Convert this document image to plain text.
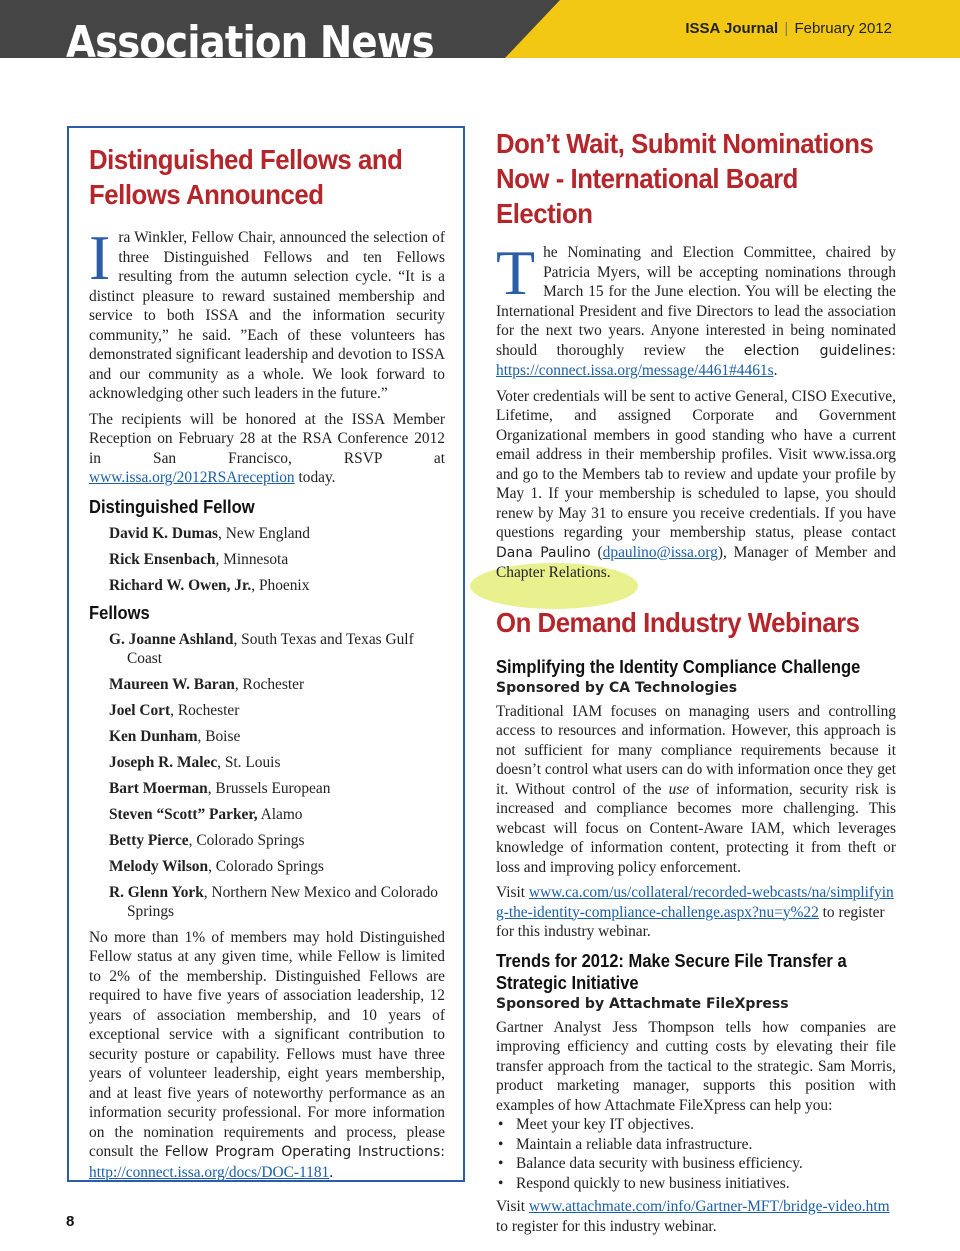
Association News	ISSA Journal | February 2012
Distinguished Fellows and Fellows Announced

Ira Winkler, Fellow Chair, announced the selection of three Distinguished Fellows and ten Fellows resulting from the autumn selection cycle. “It is a distinct pleasure to reward sustained membership and service to both ISSA and the information security community,” he said. ”Each of these volunteers has demonstrated significant leadership and devotion to ISSA and our community as a whole. We look forward to acknowledging other such leaders in the future.”

The recipients will be honored at the ISSA Member Reception on February 28 at the RSA Conference 2012 in San Francisco, RSVP at www.issa.org/2012RSAreception today.

Distinguished Fellow
David K. Dumas, New England
Rick Ensenbach, Minnesota
Richard W. Owen, Jr., Phoenix
Fellows
G. Joanne Ashland, South Texas and Texas Gulf Coast
Maureen W. Baran, Rochester
Joel Cort, Rochester
Ken Dunham, Boise
Joseph R. Malec, St. Louis
Bart Moerman, Brussels European
Steven “Scott” Parker, Alamo
Betty Pierce, Colorado Springs
Melody Wilson, Colorado Springs
R. Glenn York, Northern New Mexico and Colorado Springs

No more than 1% of members may hold Distinguished Fellow status at any given time, while Fellow is limited to 2% of the membership. Distinguished Fellows are required to have five years of association leadership, 12 years of association membership, and 10 years of exceptional service with a significant contribution to security posture or capability. Fellows must have three years of volunteer leadership, eight years membership, and at least five years of noteworthy performance as an information security professional. For more information on the nomination requirements and process, please consult the Fellow Program Operating Instructions: http://connect.issa.org/docs/DOC-1181.

Don’t Wait, Submit Nominations Now - International Board Election

The Nominating and Election Committee, chaired by Patricia Myers, will be accepting nominations through March 15 for the June election. You will be electing the International President and five Directors to lead the association for the next two years. Anyone interested in being nominated should thoroughly review the election guidelines: https://connect.issa.org/message/4461#4461s.

Voter credentials will be sent to active General, CISO Executive, Lifetime, and assigned Corporate and Government Organizational members in good standing who have a current email address in their membership profiles. Visit www.issa.org and go to the Members tab to review and update your profile by May 1. If your membership is scheduled to lapse, you should renew by May 31 to ensure you receive credentials. If you have questions regarding your membership status, please contact Dana Paulino (dpaulino@issa.org), Manager of Member and Chapter Relations.

On Demand Industry Webinars
Simplifying the Identity Compliance Challenge
Sponsored by CA Technologies

Traditional IAM focuses on managing users and controlling access to resources and information. However, this approach is not sufficient for many compliance requirements because it doesn’t control what users can do with information once they get it. Without control of the use of information, security risk is increased and compliance becomes more challenging. This webcast will focus on Content-Aware IAM, which leverages knowledge of information content, protecting it from theft or loss and improving policy enforcement.

Visit www.ca.com/us/collateral/recorded-webcasts/na/simplifying-the-identity-compliance-challenge.aspx?nu=y%22 to register for this industry webinar.

Trends for 2012: Make Secure File Transfer a Strategic Initiative
Sponsored by Attachmate FileXpress

Gartner Analyst Jess Thompson tells how companies are improving efficiency and cutting costs by elevating their file transfer approach from the tactical to the strategic. Sam Morris, product marketing manager, supports this position with examples of how Attachmate FileXpress can help you:

• Meet your key IT objectives.
• Maintain a reliable data infrastructure.
• Balance data security with business efficiency.
• Respond quickly to new business initiatives.

Visit www.attachmate.com/info/Gartner-MFT/bridge-video.htm to register for this industry webinar.

8
